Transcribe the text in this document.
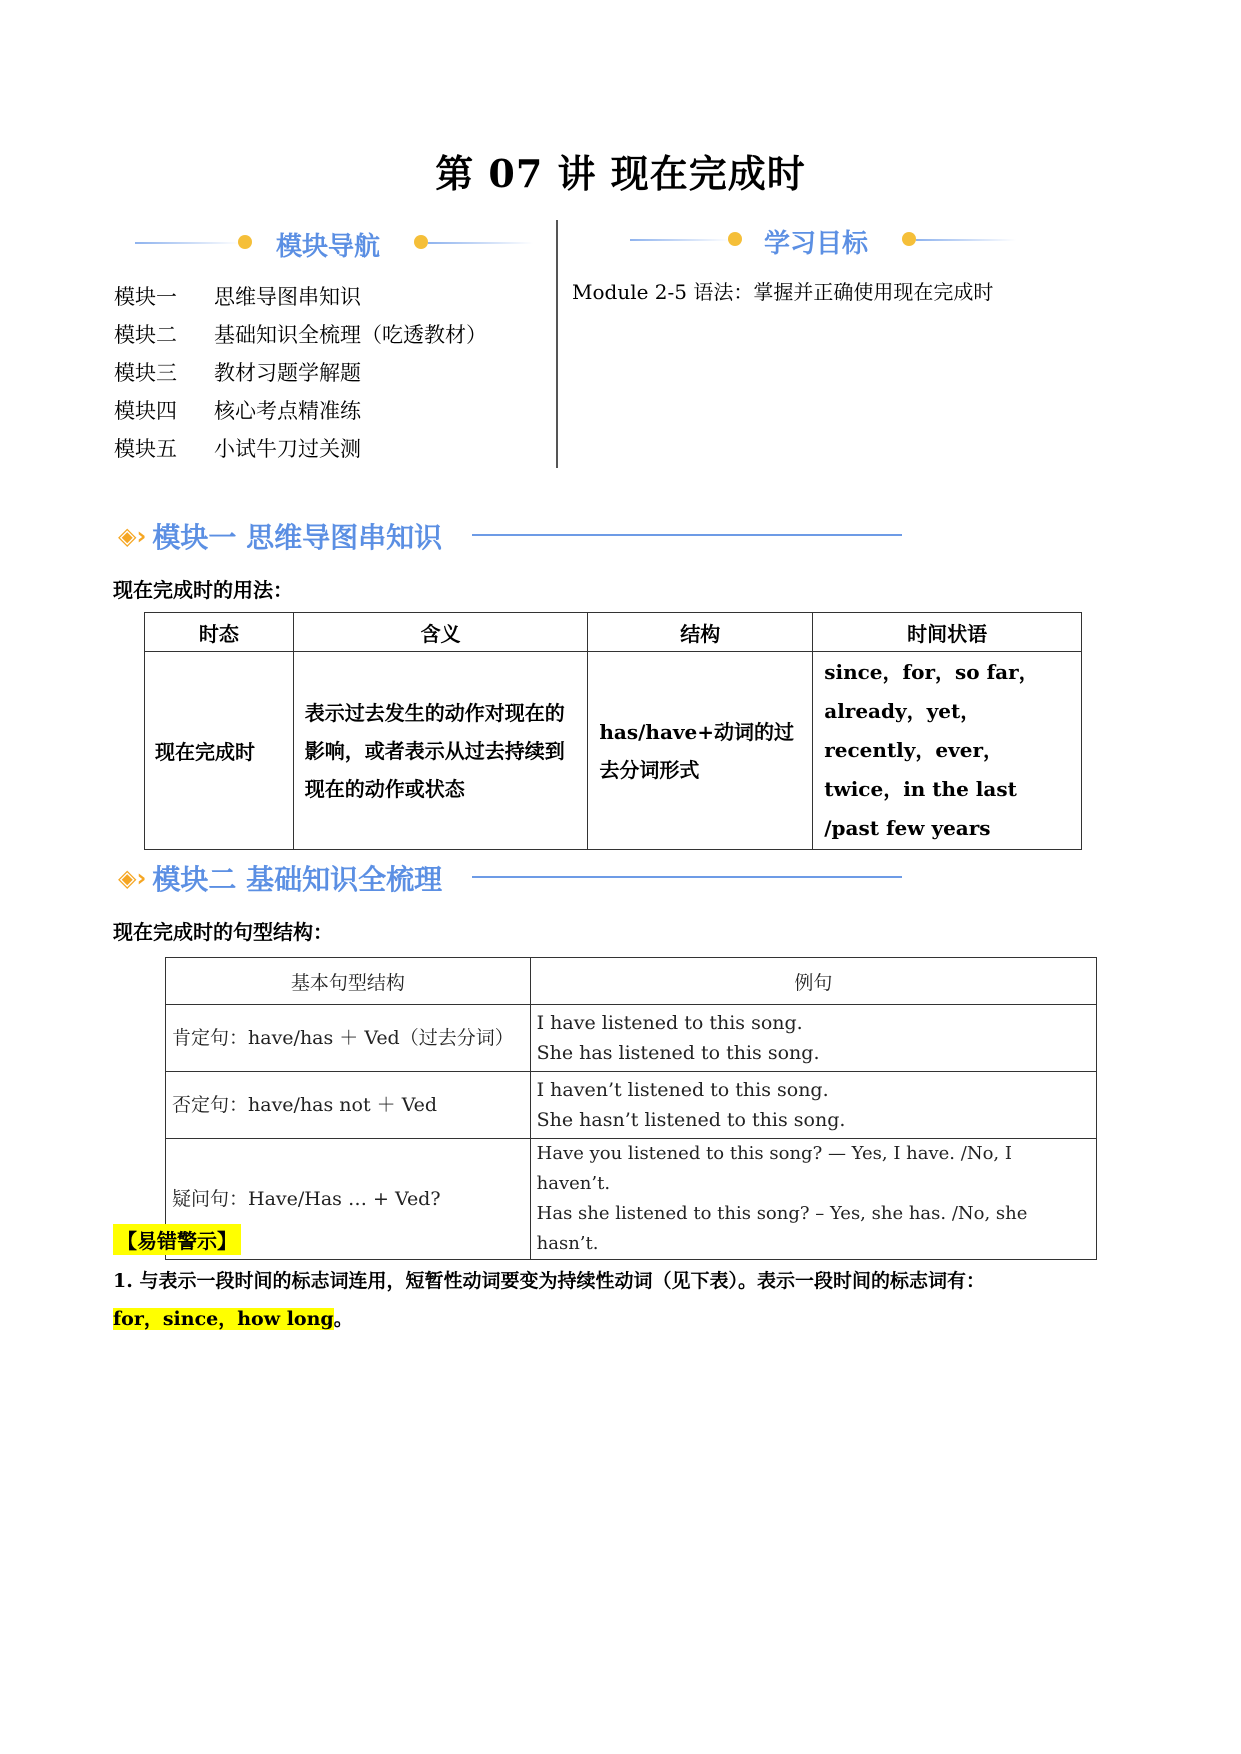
第 07 讲 现在完成时
模块导航	学习目标
模块一	思维导图串知识
模块二	基础知识全梳理（吃透教材）
模块三	教材习题学解题
模块四	核心考点精准练
模块五	小试牛刀过关测
Module 2-5 语法：掌握并正确使用现在完成时
◈› 模块一 思维导图串知识
现在完成时的用法：
时态	含义	结构	时间状语
现在完成时	表示过去发生的动作对现在的影响，或者表示从过去持续到现在的动作或状态	has/have+动词的过去分词形式	since，for，so far，already，yet，recently，ever，twice，in the last /past few years
◈› 模块二 基础知识全梳理
现在完成时的句型结构：
基本句型结构	例句
肯定句：have/has ＋ Ved（过去分词）	I have listened to this song.
She has listened to this song.

否定句：have/has not ＋ Ved	I haven’t listened to this song.
She hasn’t listened to this song.

疑问句：Have/Has … + Ved?	Have you listened to this song? — Yes, I have. /No, I haven’t.
Has she listened to this song? – Yes, she has. /No, she hasn’t.
【易错警示】
1. 与表示一段时间的标志词连用，短暂性动词要变为持续性动词（见下表）。表示一段时间的标志词有：
for，since，how long。
